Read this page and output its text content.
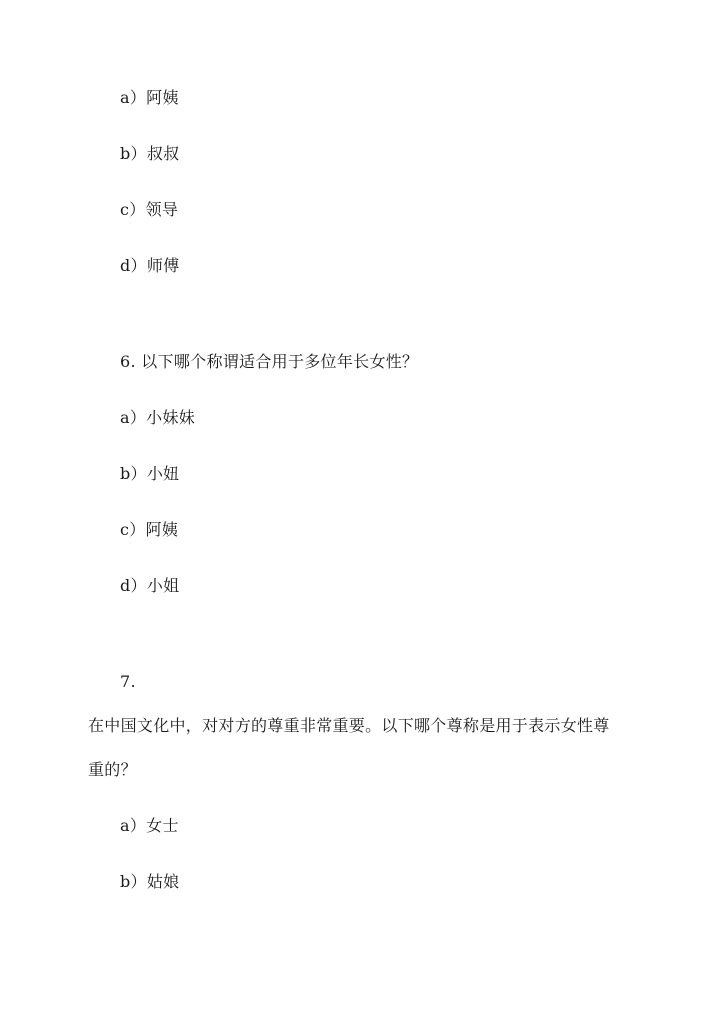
a）阿姨
b）叔叔
c）领导
d）师傅
6. 以下哪个称谓适合用于多位年长女性？
a）小妹妹
b）小妞
c）阿姨
d）小姐
7.
在中国文化中，对对方的尊重非常重要。以下哪个尊称是用于表示女性尊
重的？
a）女士
b）姑娘
